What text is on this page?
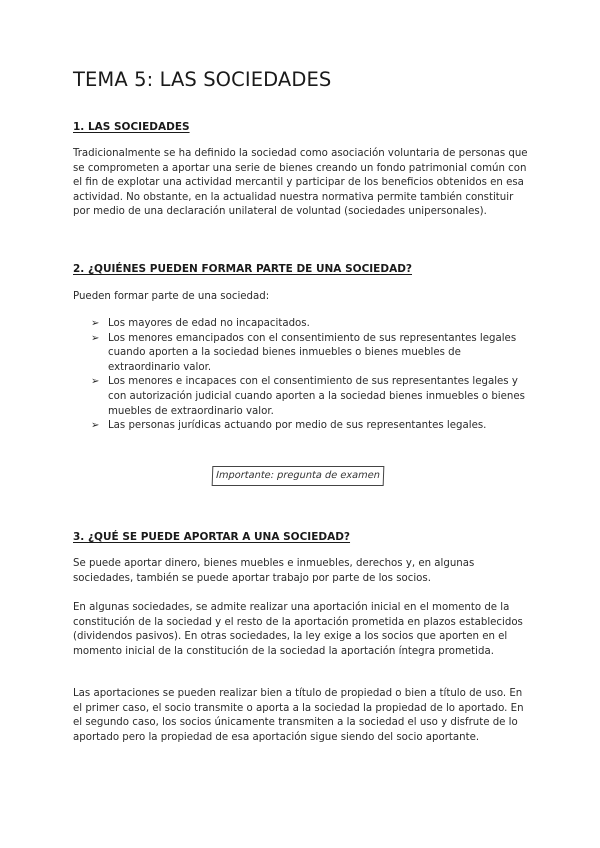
TEMA 5: LAS SOCIEDADES
1. LAS SOCIEDADES

Tradicionalmente se ha definido la sociedad como asociación voluntaria de personas que se comprometen a aportar una serie de bienes creando un fondo patrimonial común con el fin de explotar una actividad mercantil y participar de los beneficios obtenidos en esa actividad. No obstante, en la actualidad nuestra normativa permite también constituir por medio de una declaración unilateral de voluntad (sociedades unipersonales).

2. ¿QUIÉNES PUEDEN FORMAR PARTE DE UNA SOCIEDAD?

Pueden formar parte de una sociedad:

➢ Los mayores de edad no incapacitados.
➢ Los menores emancipados con el consentimiento de sus representantes legales cuando aporten a la sociedad bienes inmuebles o bienes muebles de extraordinario valor.
➢ Los menores e incapaces con el consentimiento de sus representantes legales y con autorización judicial cuando aporten a la sociedad bienes inmuebles o bienes muebles de extraordinario valor.
➢ Las personas jurídicas actuando por medio de sus representantes legales.
Importante: pregunta de examen
3. ¿QUÉ SE PUEDE APORTAR A UNA SOCIEDAD?

Se puede aportar dinero, bienes muebles e inmuebles, derechos y, en algunas sociedades, también se puede aportar trabajo por parte de los socios.

En algunas sociedades, se admite realizar una aportación inicial en el momento de la constitución de la sociedad y el resto de la aportación prometida en plazos establecidos (dividendos pasivos). En otras sociedades, la ley exige a los socios que aporten en el momento inicial de la constitución de la sociedad la aportación íntegra prometida.

Las aportaciones se pueden realizar bien a título de propiedad o bien a título de uso. En el primer caso, el socio transmite o aporta a la sociedad la propiedad de lo aportado. En el segundo caso, los socios únicamente transmiten a la sociedad el uso y disfrute de lo aportado pero la propiedad de esa aportación sigue siendo del socio aportante.
